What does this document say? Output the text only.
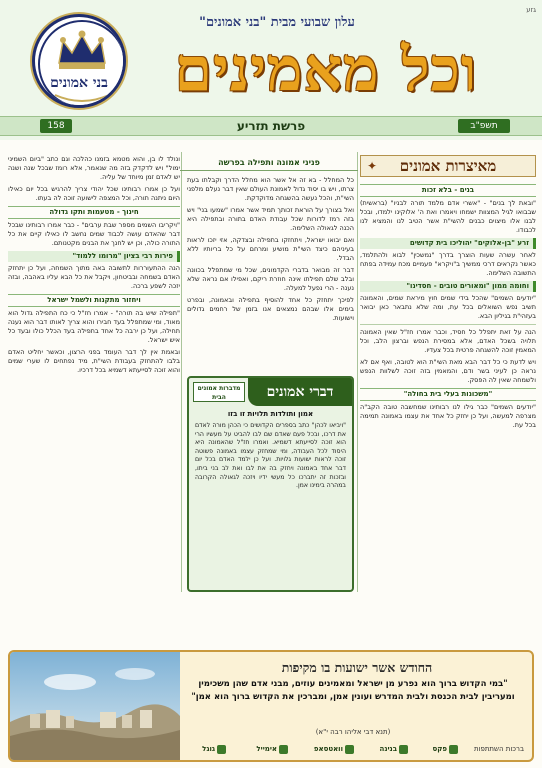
גזע
בני אמונים
עלון שבועי מבית "בני אמונים"
וכל מאמינים
פרשת תזריע
158	תשפ"ב
✦	מאיצרות אמונים
בנים - בלא זכות

"ובאת לך בנים" - "אשרי אדם מלמד תורה לבניו" (בראשית) שבבואו לגיל המצוות ישמחו ויאמרו ואת ה' אלוקינו ילמדו, ובכל לבנו אלו מיצוים כבנים להשי"ת אשר הטיב לנו והמציא לנו לכבודו.

זרע "בן-אלוקים" יהוליכו בית קדושים

לאחר עשרה שעות הוצרך בדרך "נמשכין" לבוא ולהתלמד, כאשר נקראים דרכי ממשיך ב"ויקרא" פעמיים מכח עמידה בפתח התשובה השלימה.

וחומה ממון "ומאורים טובים - חסדינו"

"יודעים השמים" שהכל בידי שמים חוץ מיראת שמים, והאמונה תשיב נפש השואלים בכל עת, ומה שלא נתבאר כאן יבואר בעזהי"ת בגיליון הבא.

הנה על זאת יתפלל כל חסיד, וכבר אמרו חז"ל שאין האמונה תלויה בשכל האדם, אלא במסירת הנפש וברצון הלב, וכל המאמין זוכה להשגחה פרטית בכל צעדיו.

ויש לדעת כי כל דבר הבא מאת השי"ת הוא לטובה, ואף אם לא נראה כן לעיני בשר ודם, והמאמין בזה זוכה לשלוות הנפש ולשמחה שאין לה הפסק.

"משכונות בעלי בית בחולה"

"יודעים השמים" כבר גילו לנו רבותינו שמחשבה טובה הקב"ה מצרפה למעשה, ועל כן יחזק כל אחד את עצמו באמונה תמימה בכל עת.

פניני אמונה ותפילה בפרשה

כל המחלל - בא זה אל אשר הוא מחלל הדרך וקבלתו בעת צרתו, ויש בו יסוד גדול לאמונת העולם שאין דבר נעלם מלפני השי"ת, והכל נעשה בהשגחה מדוקדקת.

ואל בצורך על הוראת זכותך תמיד אשר אמרו "שמעו בני" ויש בזה רמז לדורות שכל עבודת האדם בתורה ובתפילה היא הכנה לגאולה השלימה.

ואם יבואו ישראל, ויתחזקו בתפילה ובצדקה, אזי יזכו לראות בעיניהם כיצד השי"ת מושיע ומרחם על כל בריותיו ללא הבדל.

דבר זה מבואר בדברי הקדמונים, שכל מי שמתפלל בכוונה ובלב שלם תפילתו אינה חוזרת ריקם, ואפילו אם נראה שלא נענה - הרי נפעל למעלה.

לפיכך יתחזק כל אחד להוסיף בתפילה ובאמונה, ובפרט בימים אלו שבהם נמצאים אנו בזמן של רחמים גדולים וישועות.

דברי אמונים
מדברות אמונים הבית
אמון ותולדות תלויות זו בזו
"ויביאו לכהן" כתב בספרים הקדושים כי הכהן מורה לאדם את דרכו, ובכל פעם שאדם שם לבו להביט על מעשיו הרי הוא זוכה לסייעתא דשמיא. ואמרו חז"ל שהאמונה היא היסוד לכל העבודה, ומי שמחזק עצמו באמונה פשוטה זוכה לראות ישועות גלויות. ועל כן ילמד האדם בכל יום דבר אחד באמונה ויחזק בה את לבו ואת לב בני ביתו, ובזכות זה יתברכו כל מעשי ידיו ויזכה לגאולה הקרובה במהרה בימינו אמן.

ונולד לו בן, והוא מטמא בזמנו כהלכה וגם כתב "ביום השמיני ימול" ויש לדקדק בזה מה שנאמר, אלא רומז שבכל שנה ושנה יש לאדם זמן מיוחד של עליה.

ועל כן אמרו רבותינו שכל יהודי צריך להרגיש בכל יום כאילו היום ניתנה תורה, וכל המצפה לישועה זוכה לה בעתו.

חינוך - מטעמות ותקו גדולה

"ויקריבו השמים מספר שבת ערבים" - כבר אמרו רבותינו שבכל דבר שהאדם עושה לכבוד שמים נחשב לו כאילו קיים את כל התורה כולה, וכן יש לחנך את הבנים מקטנותם.

פירות רבי בציון "מרומו ללמוד"

הנה ההתעוררות לתשובה באה מתוך השמחה, ועל כן יתחזק האדם בשמחה ובביטחון, ויקבל את כל הבא עליו באהבה, ובזה יזכה לשפע ברכה.

ויחזור מתקנות ולשמל ישראל

"תפילה שיש בה תורה" - אמרו חז"ל כי כח התפילה גדול הוא מאוד, ומי שמתפלל בעד חבירו והוא צריך לאותו דבר הוא נענה תחילה, ועל כן ירבה כל אחד בתפילה בעד הכלל כולו ובעד כל איש ישראל.

ובאמת אין לך דבר העומד בפני הרצון, וכאשר יחליט האדם בלבו להתחזק בעבודת השי"ת, מיד נפתחים לו שערי שמים והוא זוכה לסייעתא דשמיא בכל דרכיו.

החודש אשר ישועות בו מקיפות
"במי הקדוש ברוך הוא נפרע מן ישראל ומאמינים עוזים, מבני אדם שהן משכימין ומעריבין לבית הכנסת ולבית המדרש ועונין אמן, ומברכין את הקדוש ברוך הוא אמן"
(תנא דבי אליהו רבה י"א)
ברכות השתתפות
פקס
בנינה
וואטסאפ
אימייל
גוגל
